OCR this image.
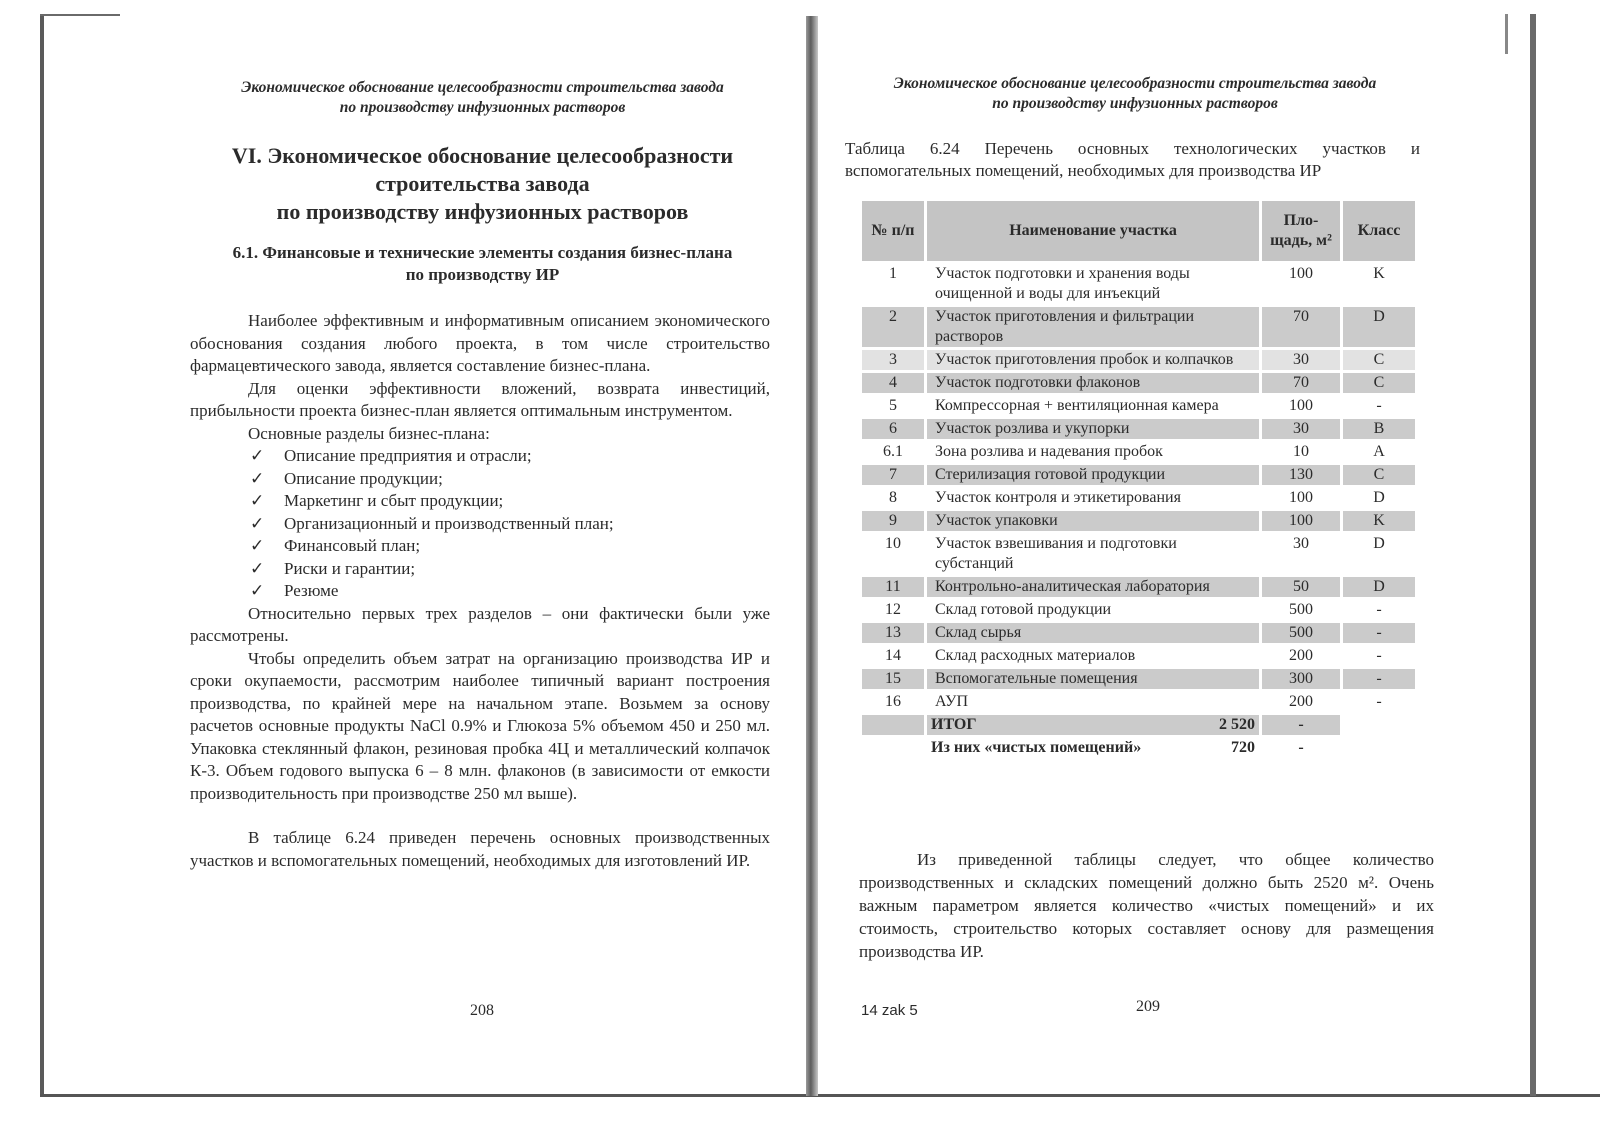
Экономическое обоснование целесообразности строительства завода
по производству инфузионных растворов
VI. Экономическое обоснование целесообразности
строительства завода
по производству инфузионных растворов
6.1. Финансовые и технические элементы создания бизнес-плана
по производству ИР

Наиболее эффективным и информативным описанием экономического обоснования создания любого проекта, в том числе строительство фармацевтического завода, является составление бизнес-плана.

Для оценки эффективности вложений, возврата инвестиций, прибыльности проекта бизнес-план является оптимальным инструментом.

Основные разделы бизнес-плана:

✓	Описание предприятия и отрасли;
✓	Описание продукции;
✓	Маркетинг и сбыт продукции;
✓	Организационный и производственный план;
✓	Финансовый план;
✓	Риски и гарантии;
✓	Резюме

Относительно первых трех разделов – они фактически были уже рассмотрены.

Чтобы определить объем затрат на организацию производства ИР и сроки окупаемости, рассмотрим наиболее типичный вариант построения производства, по крайней мере на начальном этапе. Возьмем за основу расчетов основные продукты NaCl 0.9% и Глюкоза 5% объемом 450 и 250 мл. Упаковка стеклянный флакон, резиновая пробка 4Ц и металлический колпачок К-3. Объем годового выпуска 6 – 8 млн. флаконов (в зависимости от емкости производительность при производстве 250 мл выше).

В таблице 6.24 приведен перечень основных производственных участков и вспомогательных помещений, необходимых для изготовлений ИР.

208
Экономическое обоснование целесообразности строительства завода
по производству инфузионных растворов
Таблица 6.24 Перечень основных технологических участков и вспомогательных помещений, необходимых для производства ИР
№ п/п	Наименование участка	Пло-щадь, м²	Класс
1	Участок подготовки и хранения воды очищенной и воды для инъекций	100	K
2	Участок приготовления и фильтрации растворов	70	D
3	Участок приготовления пробок и колпачков	30	C
4	Участок подготовки флаконов	70	C
5	Компрессорная + вентиляционная камера	100	-
6	Участок розлива и укупорки	30	B
6.1	Зона розлива и надевания пробок	10	A
7	Стерилизация готовой продукции	130	C
8	Участок контроля и этикетирования	100	D
9	Участок упаковки	100	K
10	Участок взвешивания и подготовки субстанций	30	D
11	Контрольно-аналитическая лаборатория	50	D
12	Склад готовой продукции	500	-
13	Склад сырья	500	-
14	Склад расходных материалов	200	-
15	Вспомогательные помещения	300	-
16	АУП	200	-

	ИТОГ 2 520	-	

	Из них «чистых помещений» 720	-	

Из приведенной таблицы следует, что общее количество производственных и складских помещений должно быть 2520 м². Очень важным параметром является количество «чистых помещений» и их стоимость, строительство которых составляет основу для размещения производства ИР.

14 zak 5	209
